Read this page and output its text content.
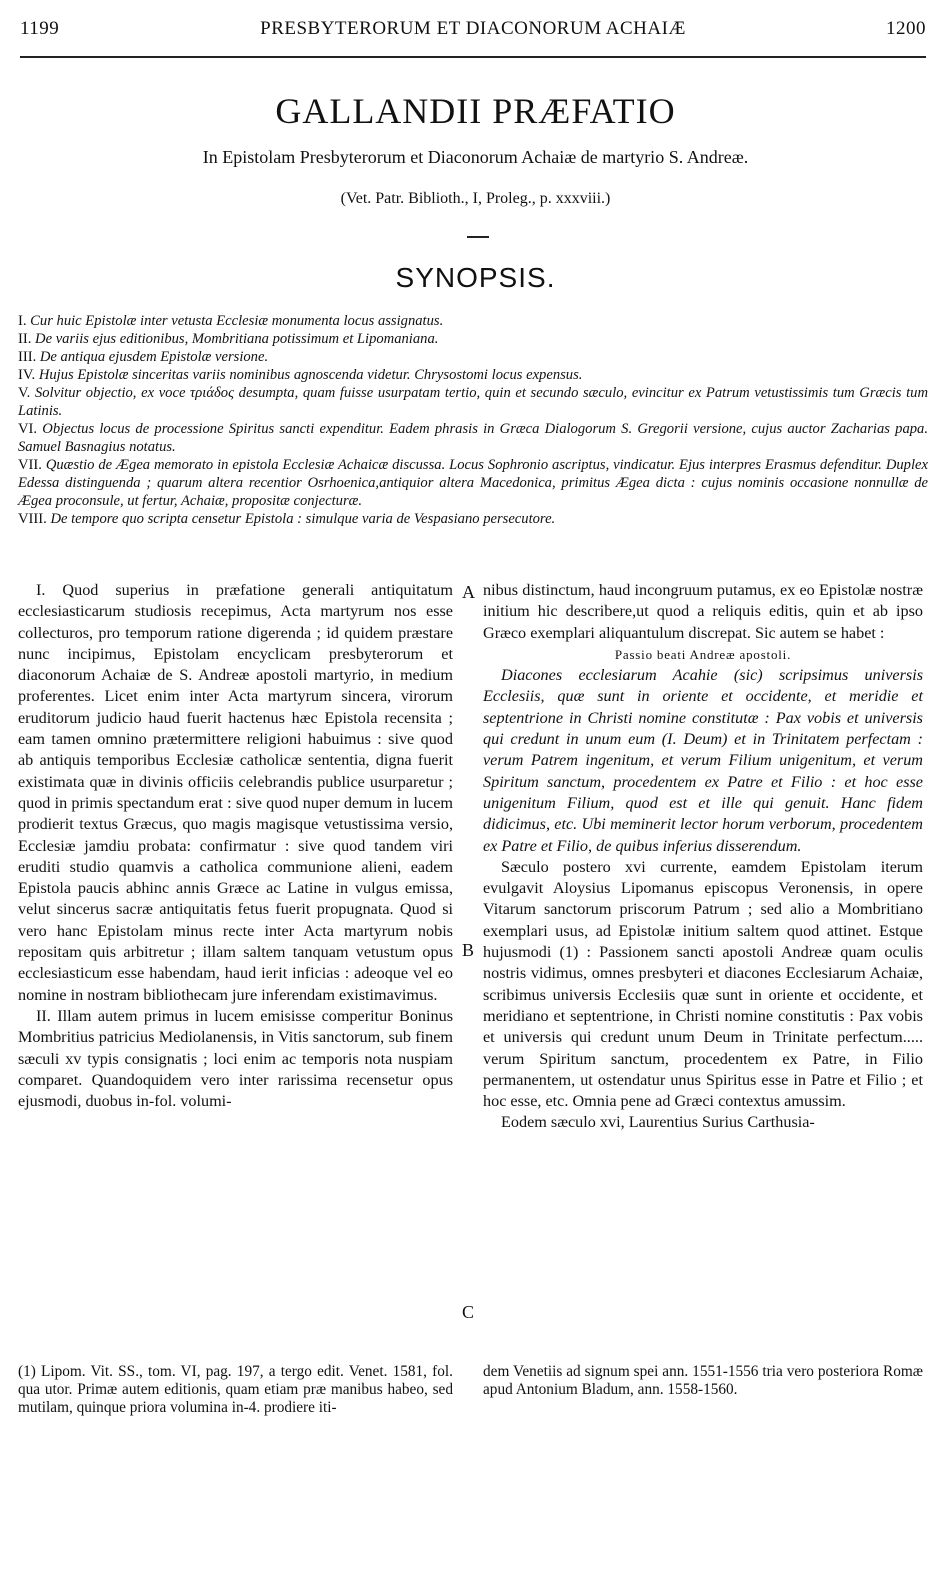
1199	PRESBYTERORUM ET DIACONORUM ACHAIÆ	1200
GALLANDII PRÆFATIO
In Epistolam Presbyterorum et Diaconorum Achaiæ de martyrio S. Andreæ.
(Vet. Patr. Biblioth., I, Proleg., p. xxxviii.)
SYNOPSIS.
I. Cur huic Epistolæ inter vetusta Ecclesiæ monumenta locus assignatus.
II. De variis ejus editionibus, Mombritiana potissimum et Lipomaniana.
III. De antiqua ejusdem Epistolæ versione.
IV. Hujus Epistolæ sinceritas variis nominibus agnoscenda videtur. Chrysostomi locus expensus.
V. Solvitur objectio, ex voce τριάδος desumpta, quam fuisse usurpatam tertio, quin et secundo sæculo, evincitur ex Patrum vetustissimis tum Græcis tum Latinis.
VI. Objectus locus de processione Spiritus sancti expenditur. Eadem phrasis in Græca Dialogorum S. Gregorii versione, cujus auctor Zacharias papa. Samuel Basnagius notatus.
VII. Quæstio de Ægea memorato in epistola Ecclesiæ Achaicæ discussa. Locus Sophronio ascriptus, vindicatur. Ejus interpres Erasmus defenditur. Duplex Edessa distinguenda ; quarum altera recentior Osrhoenica,antiquior altera Macedonica, primitus Ægea dicta : cujus nominis occasione nonnullæ de Ægea proconsule, ut fertur, Achaiæ, propositæ conjecturæ.
VIII. De tempore quo scripta censetur Epistola : simulque varia de Vespasiano persecutore.

I. Quod superius in præfatione generali antiquitatum ecclesiasticarum studiosis recepimus, Acta martyrum nos esse collecturos, pro temporum ratione digerenda ; id quidem præstare nunc incipimus, Epistolam encyclicam presbyterorum et diaconorum Achaiæ de S. Andreæ apostoli martyrio, in medium proferentes. Licet enim inter Acta martyrum sincera, virorum eruditorum judicio haud fuerit hactenus hæc Epistola recensita ; eam tamen omnino prætermittere religioni habuimus : sive quod ab antiquis temporibus Ecclesiæ catholicæ sententia, digna fuerit existimata quæ in divinis officiis celebrandis publice usurparetur ; quod in primis spectandum erat : sive quod nuper demum in lucem prodierit textus Græcus, quo magis magisque vetustissima versio, Ecclesiæ jamdiu probata: confirmatur : sive quod tandem viri eruditi studio quamvis a catholica communione alieni, eadem Epistola paucis abhinc annis Græce ac Latine in vulgus emissa, velut sincerus sacræ antiquitatis fetus fuerit propugnata. Quod si vero hanc Epistolam minus recte inter Acta martyrum nobis repositam quis arbitretur ; illam saltem tanquam vetustum opus ecclesiasticum esse habendam, haud ierit inficias : adeoque vel eo nomine in nostram bibliothecam jure inferendam existimavimus.

II. Illam autem primus in lucem emisisse comperitur Boninus Mombritius patricius Mediolanensis, in Vitis sanctorum, sub finem sæculi xv typis consignatis ; loci enim ac temporis nota nuspiam comparet. Quandoquidem vero inter rarissima recensetur opus ejusmodi, duobus in-fol. volumi-

A
B
C

nibus distinctum, haud incongruum putamus, ex eo Epistolæ nostræ initium hic describere,ut quod a reliquis editis, quin et ab ipso Græco exemplari aliquantulum discrepat. Sic autem se habet :

Passio beati Andreæ apostoli.

Diacones ecclesiarum Acahie (sic) scripsimus universis Ecclesiis, quæ sunt in oriente et occidente, et meridie et septentrione in Christi nomine constitutæ : Pax vobis et universis qui credunt in unum eum (I. Deum) et in Trinitatem perfectam : verum Patrem ingenitum, et verum Filium unigenitum, et verum Spiritum sanctum, procedentem ex Patre et Filio : et hoc esse unigenitum Filium, quod est et ille qui genuit. Hanc fidem didicimus, etc. Ubi meminerit lector horum verborum, procedentem ex Patre et Filio, de quibus inferius disserendum.

Sæculo postero xvi currente, eamdem Epistolam iterum evulgavit Aloysius Lipomanus episcopus Veronensis, in opere Vitarum sanctorum priscorum Patrum ; sed alio a Mombritiano exemplari usus, ad Epistolæ initium saltem quod attinet. Estque hujusmodi (1) : Passionem sancti apostoli Andreæ quam oculis nostris vidimus, omnes presbyteri et diacones Ecclesiarum Achaiæ, scribimus universis Ecclesiis quæ sunt in oriente et occidente, et meridiano et septentrione, in Christi nomine constitutis : Pax vobis et universis qui credunt unum Deum in Trinitate perfectum..... verum Spiritum sanctum, procedentem ex Patre, in Filio permanentem, ut ostendatur unus Spiritus esse in Patre et Filio ; et hoc esse, etc. Omnia pene ad Græci contextus amussim.

Eodem sæculo xvi, Laurentius Surius Carthusia-

(1) Lipom. Vit. SS., tom. VI, pag. 197, a tergo edit. Venet. 1581, fol. qua utor. Primæ autem editionis, quam etiam præ manibus habeo, sed mutilam, quinque priora volumina in-4. prodiere iti-
dem Venetiis ad signum spei ann. 1551-1556 tria vero posteriora Romæ apud Antonium Bladum, ann. 1558-1560.
